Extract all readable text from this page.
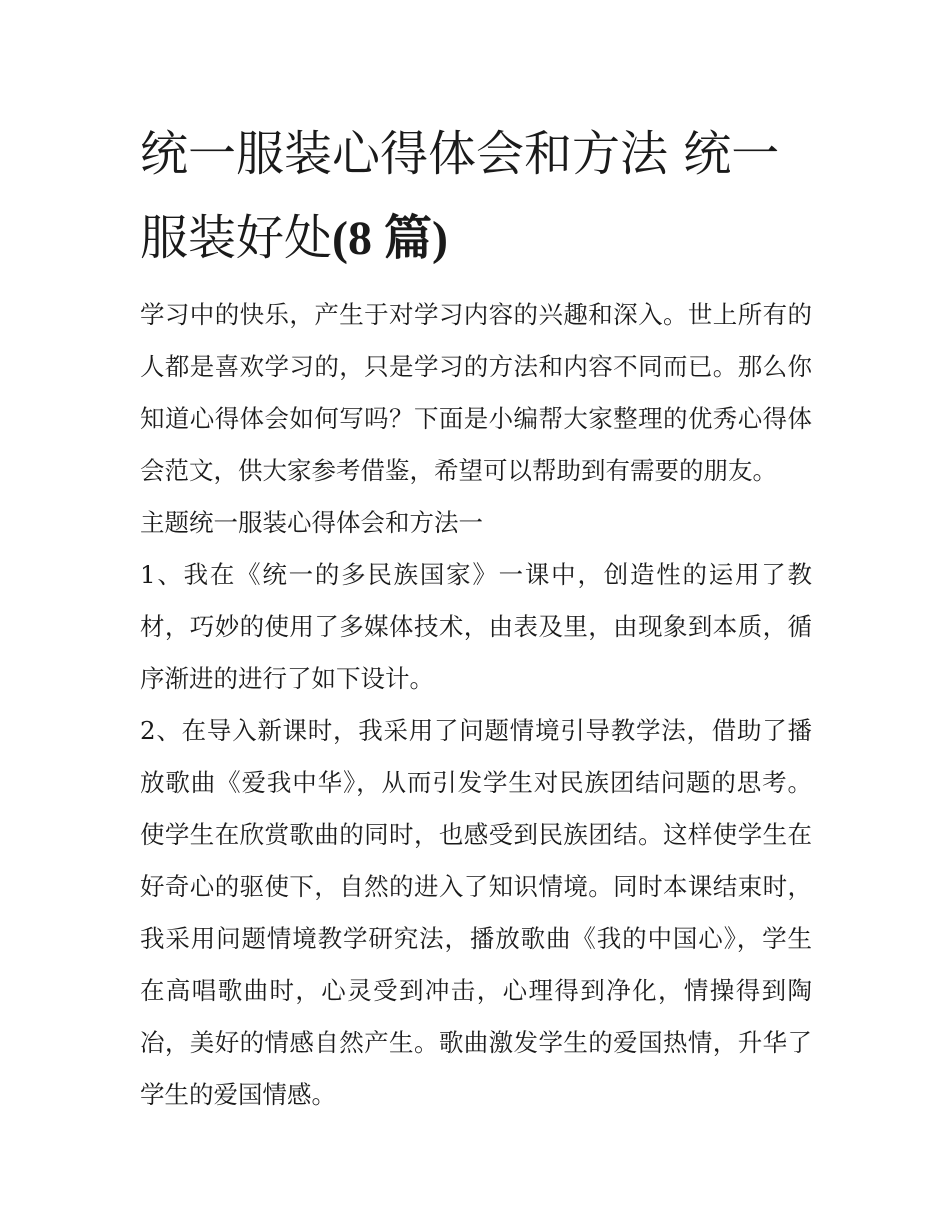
统一服装心得体会和方法 统一服装好处(8 篇)

学习中的快乐，产生于对学习内容的兴趣和深入。世上所有的人都是喜欢学习的，只是学习的方法和内容不同而已。那么你知道心得体会如何写吗？下面是小编帮大家整理的优秀心得体会范文，供大家参考借鉴，希望可以帮助到有需要的朋友。

主题统一服装心得体会和方法一

1、我在《统一的多民族国家》一课中，创造性的运用了教材，巧妙的使用了多媒体技术，由表及里，由现象到本质，循序渐进的进行了如下设计。

2、在导入新课时，我采用了问题情境引导教学法，借助了播放歌曲《爱我中华》，从而引发学生对民族团结问题的思考。使学生在欣赏歌曲的同时，也感受到民族团结。这样使学生在好奇心的驱使下，自然的进入了知识情境。同时本课结束时，我采用问题情境教学研究法，播放歌曲《我的中国心》，学生在高唱歌曲时，心灵受到冲击，心理得到净化，情操得到陶冶，美好的情感自然产生。歌曲激发学生的爱国热情，升华了学生的爱国情感。
